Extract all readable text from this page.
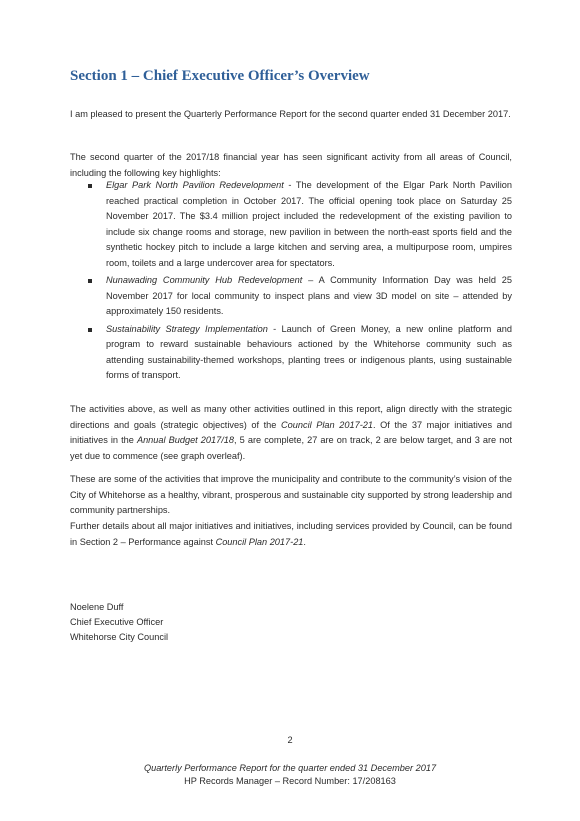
Section 1 – Chief Executive Officer’s Overview

I am pleased to present the Quarterly Performance Report for the second quarter ended 31 December 2017.

The second quarter of the 2017/18 financial year has seen significant activity from all areas of Council, including the following key highlights:

Elgar Park North Pavilion Redevelopment - The development of the Elgar Park North Pavilion reached practical completion in October 2017. The official opening took place on Saturday 25 November 2017. The $3.4 million project included the redevelopment of the existing pavilion to include six change rooms and storage, new pavilion in between the north-east sports field and the synthetic hockey pitch to include a large kitchen and serving area, a multipurpose room, umpires room, toilets and a large undercover area for spectators.
Nunawading Community Hub Redevelopment – A Community Information Day was held 25 November 2017 for local community to inspect plans and view 3D model on site – attended by approximately 150 residents.
Sustainability Strategy Implementation - Launch of Green Money, a new online platform and program to reward sustainable behaviours actioned by the Whitehorse community such as attending sustainability-themed workshops, planting trees or indigenous plants, using sustainable forms of transport.

The activities above, as well as many other activities outlined in this report, align directly with the strategic directions and goals (strategic objectives) of the Council Plan 2017-21. Of the 37 major initiatives and initiatives in the Annual Budget 2017/18, 5 are complete, 27 are on track, 2 are below target, and 3 are not yet due to commence (see graph overleaf).

These are some of the activities that improve the municipality and contribute to the community’s vision of the City of Whitehorse as a healthy, vibrant, prosperous and sustainable city supported by strong leadership and community partnerships.

Further details about all major initiatives and initiatives, including services provided by Council, can be found in Section 2 – Performance against Council Plan 2017-21.

Noelene Duff
Chief Executive Officer
Whitehorse City Council

2
Quarterly Performance Report for the quarter ended 31 December 2017
HP Records Manager – Record Number: 17/208163
